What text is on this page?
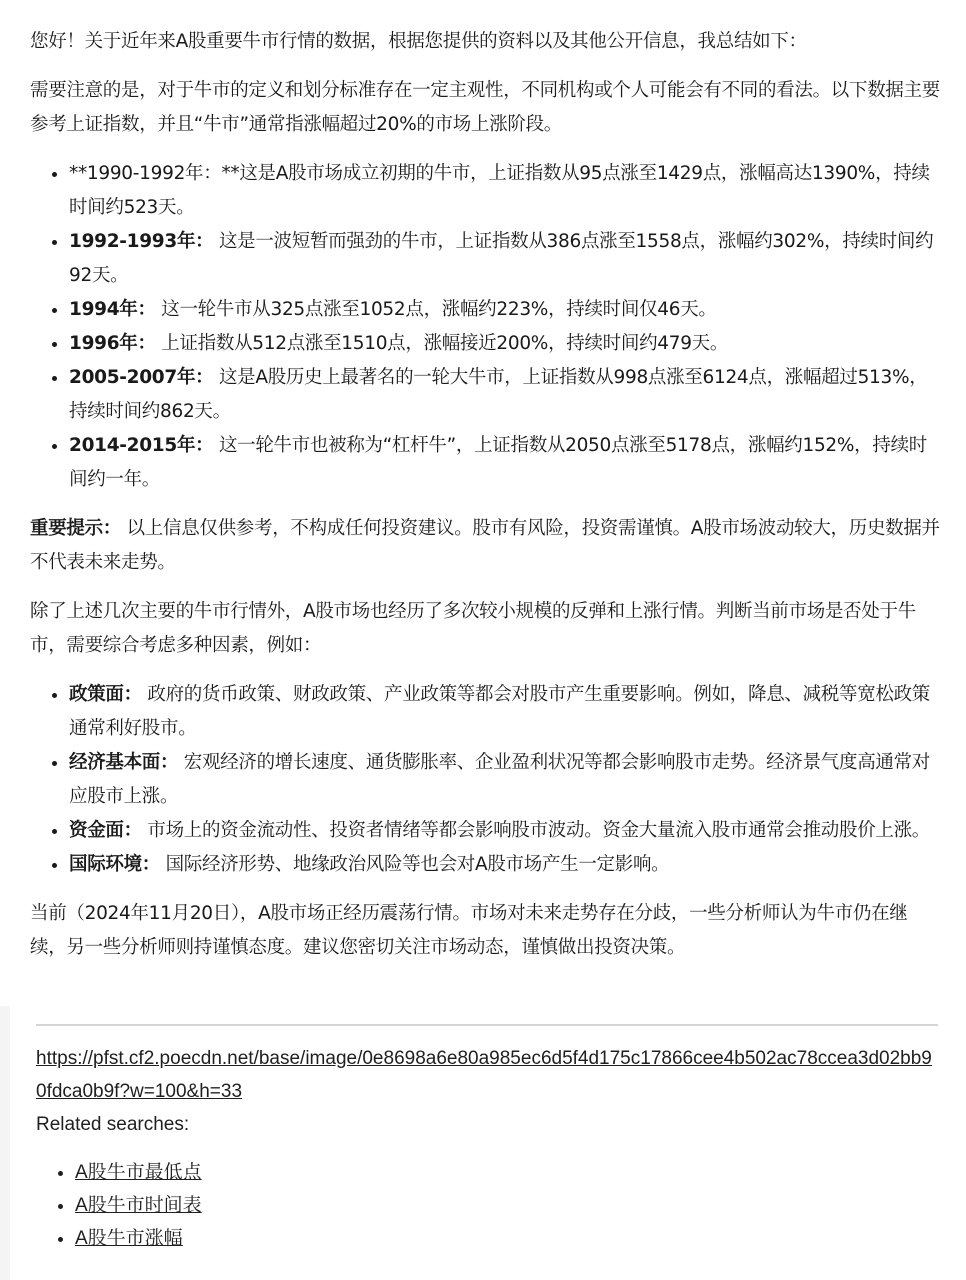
您好！关于近年来A股重要牛市行情的数据，根据您提供的资料以及其他公开信息，我总结如下：

需要注意的是，对于牛市的定义和划分标准存在一定主观性，不同机构或个人可能会有不同的看法。以下数据主要参考上证指数，并且“牛市”通常指涨幅超过20%的市场上涨阶段。

• **1990-1992年：**这是A股市场成立初期的牛市，上证指数从95点涨至1429点，涨幅高达1390%，持续时间约523天。
• 1992-1993年： 这是一波短暂而强劲的牛市，上证指数从386点涨至1558点，涨幅约302%，持续时间约92天。
• 1994年： 这一轮牛市从325点涨至1052点，涨幅约223%，持续时间仅46天。
• 1996年： 上证指数从512点涨至1510点，涨幅接近200%，持续时间约479天。
• 2005-2007年： 这是A股历史上最著名的一轮大牛市，上证指数从998点涨至6124点，涨幅超过513%，持续时间约862天。
• 2014-2015年： 这一轮牛市也被称为“杠杆牛”，上证指数从2050点涨至5178点，涨幅约152%，持续时间约一年。

重要提示： 以上信息仅供参考，不构成任何投资建议。股市有风险，投资需谨慎。A股市场波动较大，历史数据并不代表未来走势。

除了上述几次主要的牛市行情外，A股市场也经历了多次较小规模的反弹和上涨行情。判断当前市场是否处于牛市，需要综合考虑多种因素，例如：

• 政策面： 政府的货币政策、财政政策、产业政策等都会对股市产生重要影响。例如，降息、减税等宽松政策通常利好股市。
• 经济基本面： 宏观经济的增长速度、通货膨胀率、企业盈利状况等都会影响股市走势。经济景气度高通常对应股市上涨。
• 资金面： 市场上的资金流动性、投资者情绪等都会影响股市波动。资金大量流入股市通常会推动股价上涨。
• 国际环境： 国际经济形势、地缘政治风险等也会对A股市场产生一定影响。

当前（2024年11月20日），A股市场正经历震荡行情。市场对未来走势存在分歧，一些分析师认为牛市仍在继续，另一些分析师则持谨慎态度。建议您密切关注市场动态，谨慎做出投资决策。

https://pfst.cf2.poecdn.net/base/image/0e8698a6e80a985ec6d5f4d175c17866cee4b502ac78ccea3d02bb90fdca0b9f?w=100&h=33
Related searches:
• A股牛市最低点
• A股牛市时间表
• A股牛市涨幅
